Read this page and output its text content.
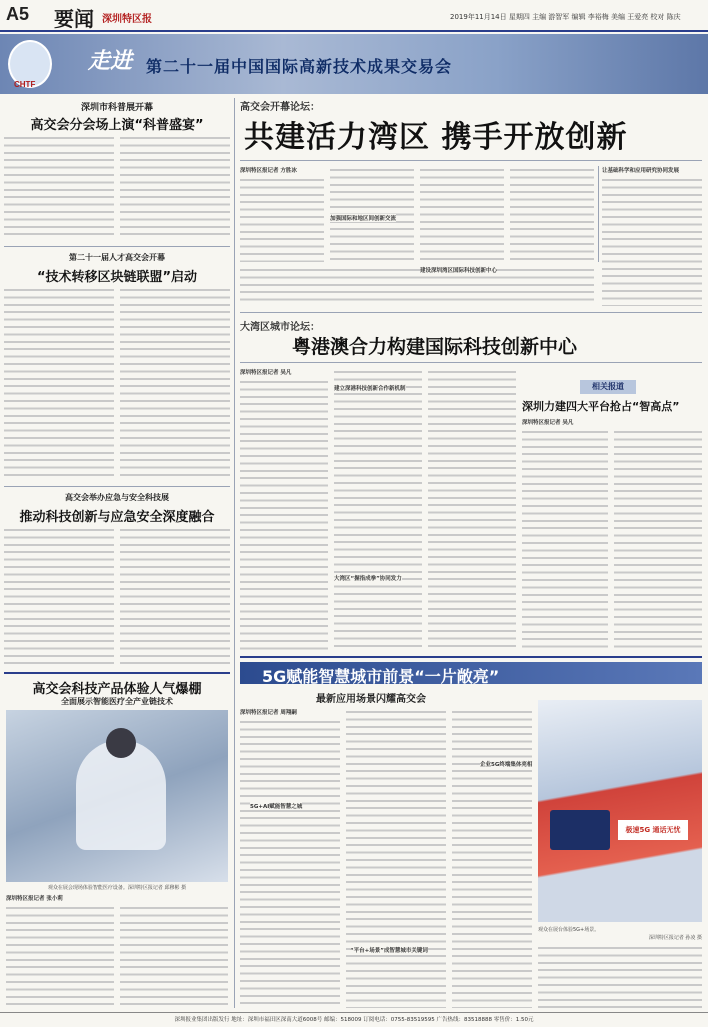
A5 要闻 深圳特区报	2019年11月14日 星期四 主编 游智军 编辑 李裕梅 美编 王爱亮 校对 陈庆
CHTF
走进 第二十一届中国国际高新技术成果交易会
深圳市科普展开幕
高交会分会场上演“科普盛宴”
第二十一届人才高交会开幕
“技术转移区块链联盟”启动
高交会举办应急与安全科技展
推动科技创新与应急安全深度融合
高交会科技产品体验人气爆棚
全面展示智能医疗全产业链技术
观众在展会现场体验智能医疗设备。深圳特区报记者 邱穆彬 摄
深圳特区报记者 张小莉
高交会开幕论坛：
共建活力湾区 携手开放创新
深圳特区报记者 方胜冰
加强国际和地区间创新交流
让基础科学和应用研究协同发展
建设深圳湾区国际科技创新中心
大湾区城市论坛：
粤港澳合力构建国际科技创新中心
深圳特区报记者 吴凡
建立深港科技创新合作新机制
大湾区“握指成拳”协同发力
相关报道
深圳力建四大平台抢占“智高点”
深圳特区报记者 吴凡
5G赋能智慧城市前景“一片敞亮”
最新应用场景闪耀高交会
深圳特区报记者 周翔嗣
5G+AI赋能智慧之城
“平台+场景”成智慧城市关键词
企业5G终端集体亮相
极速5G 通话无忧
观众在展台体验5G+场景。
深圳特区报记者 孙凌 摄
深圳报业集团出版发行 地址：深圳市福田区深南大道6008号 邮编：518009 订阅电话：0755-83519595 广告热线：83518888 零售价：1.50元
